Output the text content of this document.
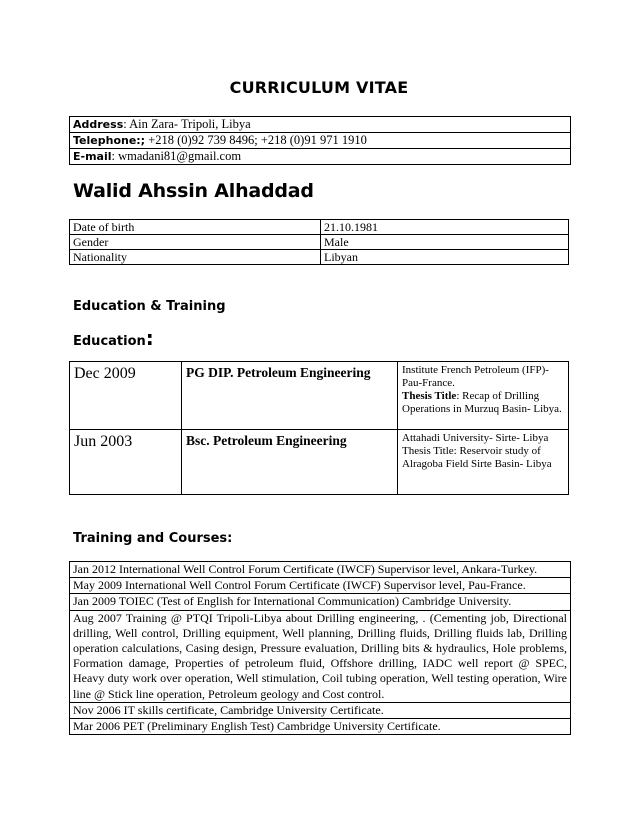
CURRICULUM VITAE
Address: Ain Zara- Tripoli, Libya
Telephone:; +218 (0)92 739 8496; +218 (0)91 971 1910
E-mail: wmadani81@gmail.com
Walid Ahssin Alhaddad
Date of birth	21.10.1981
Gender	Male
Nationality	Libyan
Education & Training
Education:
Dec 2009	PG DIP. Petroleum Engineering	Institute French Petroleum (IFP)-Pau-France.
Thesis Title: Recap of Drilling Operations in Murzuq Basin- Libya.
Jun 2003	Bsc. Petroleum Engineering	Attahadi University- Sirte- Libya
Thesis Title: Reservoir study of Alragoba Field Sirte Basin- Libya
Training and Courses:
Jan 2012 International Well Control Forum Certificate (IWCF) Supervisor level, Ankara-Turkey.
May 2009 International Well Control Forum Certificate (IWCF) Supervisor level, Pau-France.
Jan 2009 TOIEC (Test of English for International Communication) Cambridge University.
Aug 2007 Training @ PTQI Tripoli-Libya about Drilling engineering, . (Cementing job, Directional drilling, Well control, Drilling equipment, Well planning, Drilling fluids, Drilling fluids lab, Drilling operation calculations, Casing design, Pressure evaluation, Drilling bits & hydraulics, Hole problems, Formation damage, Properties of petroleum fluid, Offshore drilling, IADC well report @ SPEC, Heavy duty work over operation, Well stimulation, Coil tubing operation, Well testing operation, Wire line @ Stick line operation, Petroleum geology and Cost control.
Nov 2006 IT skills certificate, Cambridge University Certificate.
Mar 2006 PET (Preliminary English Test) Cambridge University Certificate.
